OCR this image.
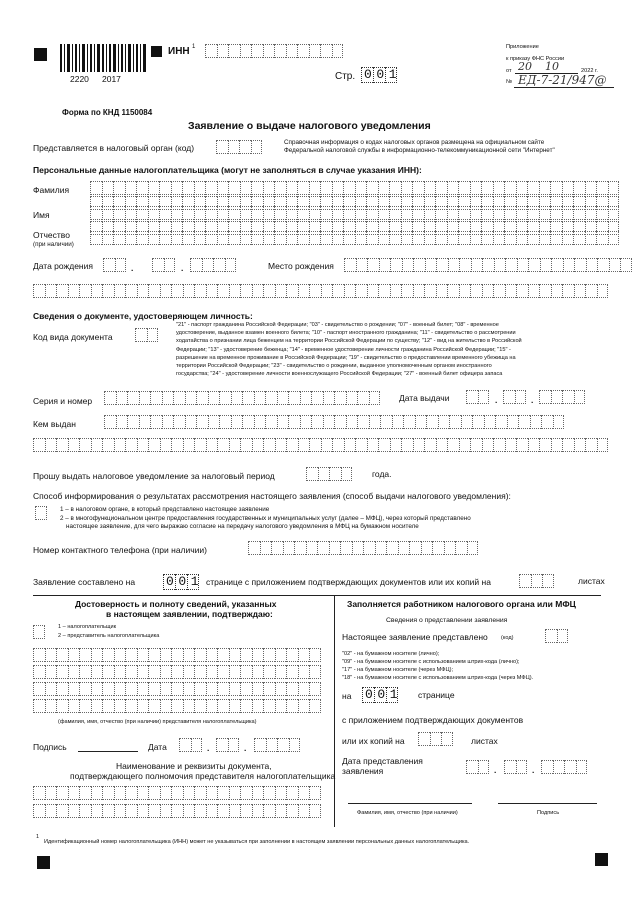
2220 2017
ИНН 1
Стр. 001
Приложение
к приказу ФНС России
от 20 10	2022 г.
№ ЕД-7-21/947@
Форма по КНД 1150084
Заявление о выдаче налогового уведомления
Представляется в налоговый орган (код)
Справочная информация о кодах налоговых органов размещена на официальном сайте
Федеральной налоговой службы в информационно-телекоммуникационной сети "Интернет"
Персональные данные налогоплательщика (могут не заполняться в случае указания ИНН):
Фамилия
Имя
Отчество
(при наличии)
Дата рождения	.	.	Место рождения
Сведения о документе, удостоверяющем личность:
Код вида документа
"21" - паспорт гражданина Российской Федерации; "03" - свидетельство о рождении; "07" - военный билет; "08" - временное
удостоверение, выданное взамен военного билета; "10" - паспорт иностранного гражданина; "11" - свидетельство о рассмотрении
ходатайства о признании лица беженцем на территории Российской Федерации по существу; "12" - вид на жительство в Российской
Федерации; "13" - удостоверение беженца; "14" - временное удостоверение личности гражданина Российской Федерации; "15" -
разрешение на временное проживание в Российской Федерации; "19" - свидетельство о предоставлении временного убежища на
территории Российской Федерации; "23" - свидетельство о рождении, выданное уполномоченным органом иностранного
государства; "24" - удостоверение личности военнослужащего Российской Федерации; "27" - военный билет офицера запаса
Серия и номер	Дата выдачи	.	.
Кем выдан
Прошу выдать налоговое уведомление за налоговый период	года.
Способ информирования о результатах рассмотрения настоящего заявления (способ выдачи налогового уведомления):
1 – в налоговом органе, в который представлено настоящее заявление
2 – в многофункциональном центре предоставления государственных и муниципальных услуг (далее – МФЦ), через который представлено
настоящее заявление, для чего выражаю согласие на передачу налогового уведомления в МФЦ на бумажном носителе
Номер контактного телефона (при наличии)
Заявление составлено на 001 странице с приложением подтверждающих документов или их копий на	листах
Достоверность и полноту сведений, указанных
в настоящем заявлении, подтверждаю:
1 – налогоплательщик
2 – представитель налогоплательщика
(фамилия, имя, отчество (при наличии) представителя налогоплательщика)
Подпись	Дата	.	.
Наименование и реквизиты документа,
подтверждающего полномочия представителя налогоплательщика
Заполняется работником налогового органа или МФЦ
Сведения о представлении заявления
Настоящее заявление представлено (код)
"02" - на бумажном носителе (лично);
"09" - на бумажном носителе с использованием штрих-кода (лично);
"17" - на бумажном носителе (через МФЦ);
"18" - на бумажном носителе с использованием штрих-кода (через МФЦ).
на 001 странице
с приложением подтверждающих документов
или их копий на	листах
Дата представления
заявления	.	.
Фамилия, имя, отчество (при наличии)	Подпись
1
Идентификационный номер налогоплательщика (ИНН) может не указываться при заполнении в настоящем заявлении персональных данных налогоплательщика.
